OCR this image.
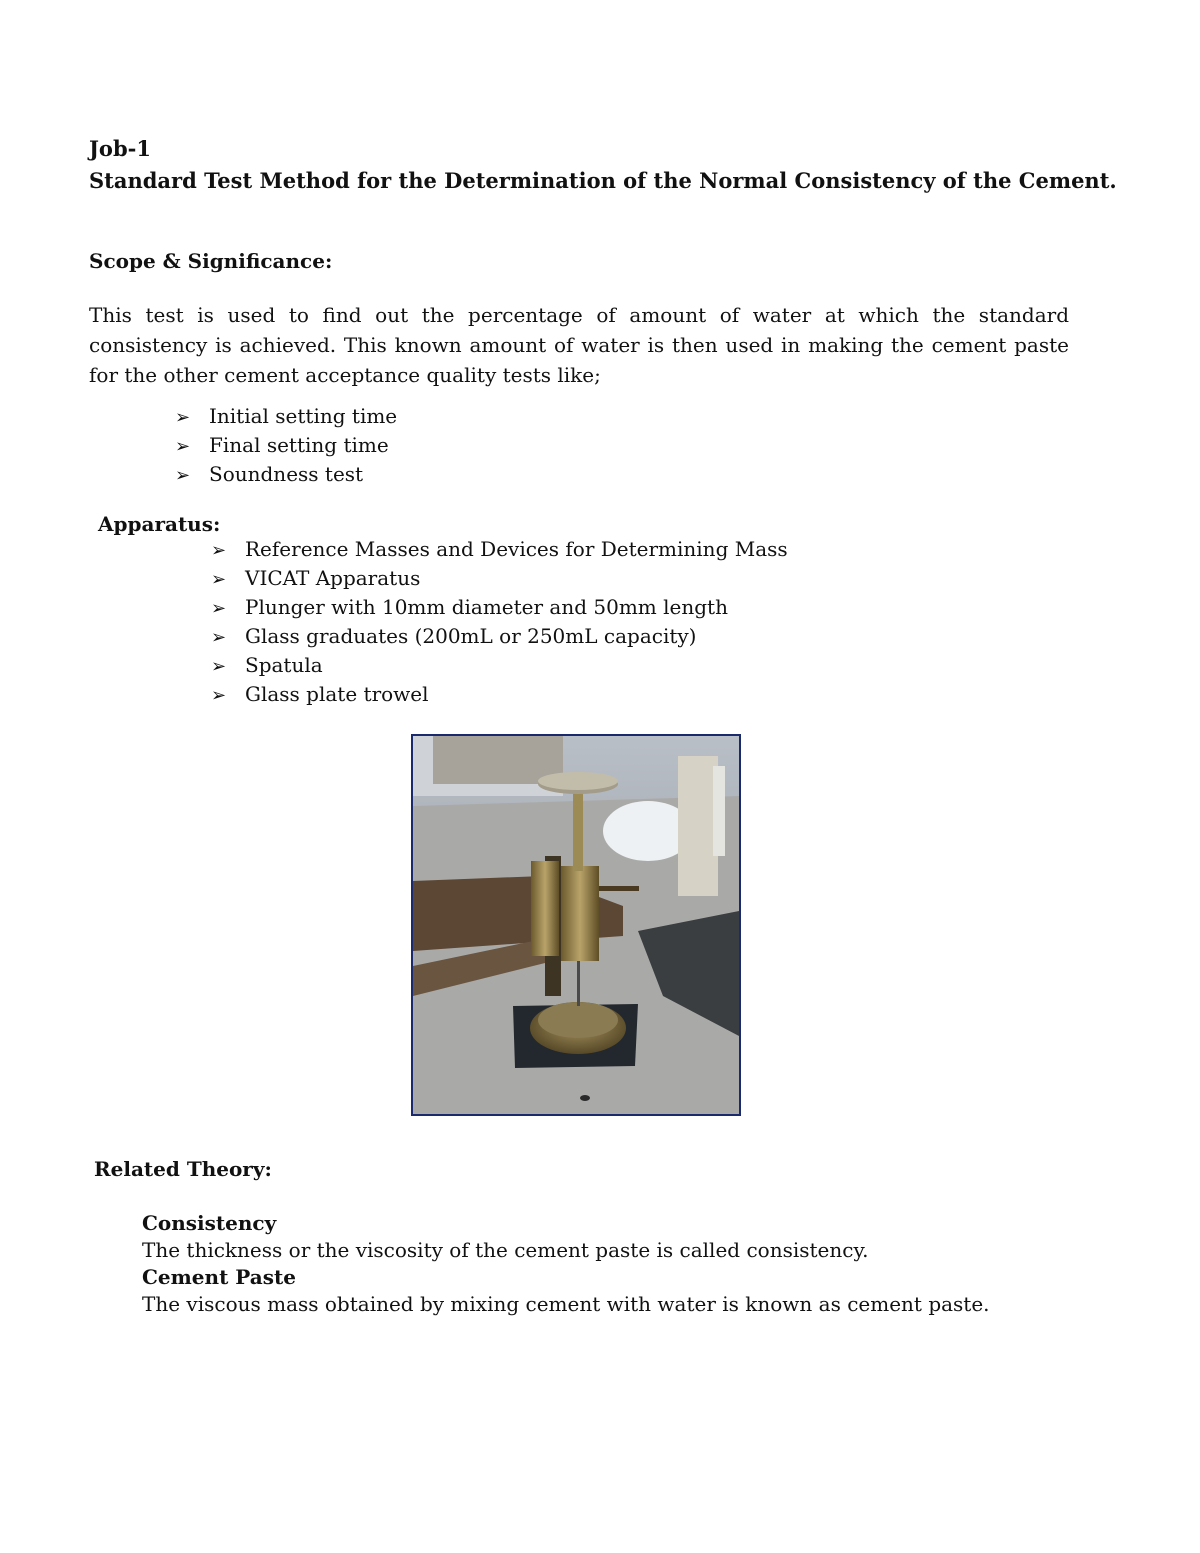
Job-1
Standard Test Method for the Determination of the Normal Consistency of the Cement.
Scope & Significance:
This test is used to find out the percentage of amount of water at which the standard consistency is achieved. This known amount of water is then used in making the cement paste for the other cement acceptance quality tests like;
➢ Initial setting time
➢ Final setting time
➢ Soundness test
Apparatus:
➢ Reference Masses and Devices for Determining Mass
➢ VICAT Apparatus
➢ Plunger with 10mm diameter and 50mm length
➢ Glass graduates (200mL or 250mL capacity)
➢ Spatula
➢ Glass plate trowel
Related Theory:
Consistency
The thickness or the viscosity of the cement paste is called consistency.
Cement Paste
The viscous mass obtained by mixing cement with water is known as cement paste.
